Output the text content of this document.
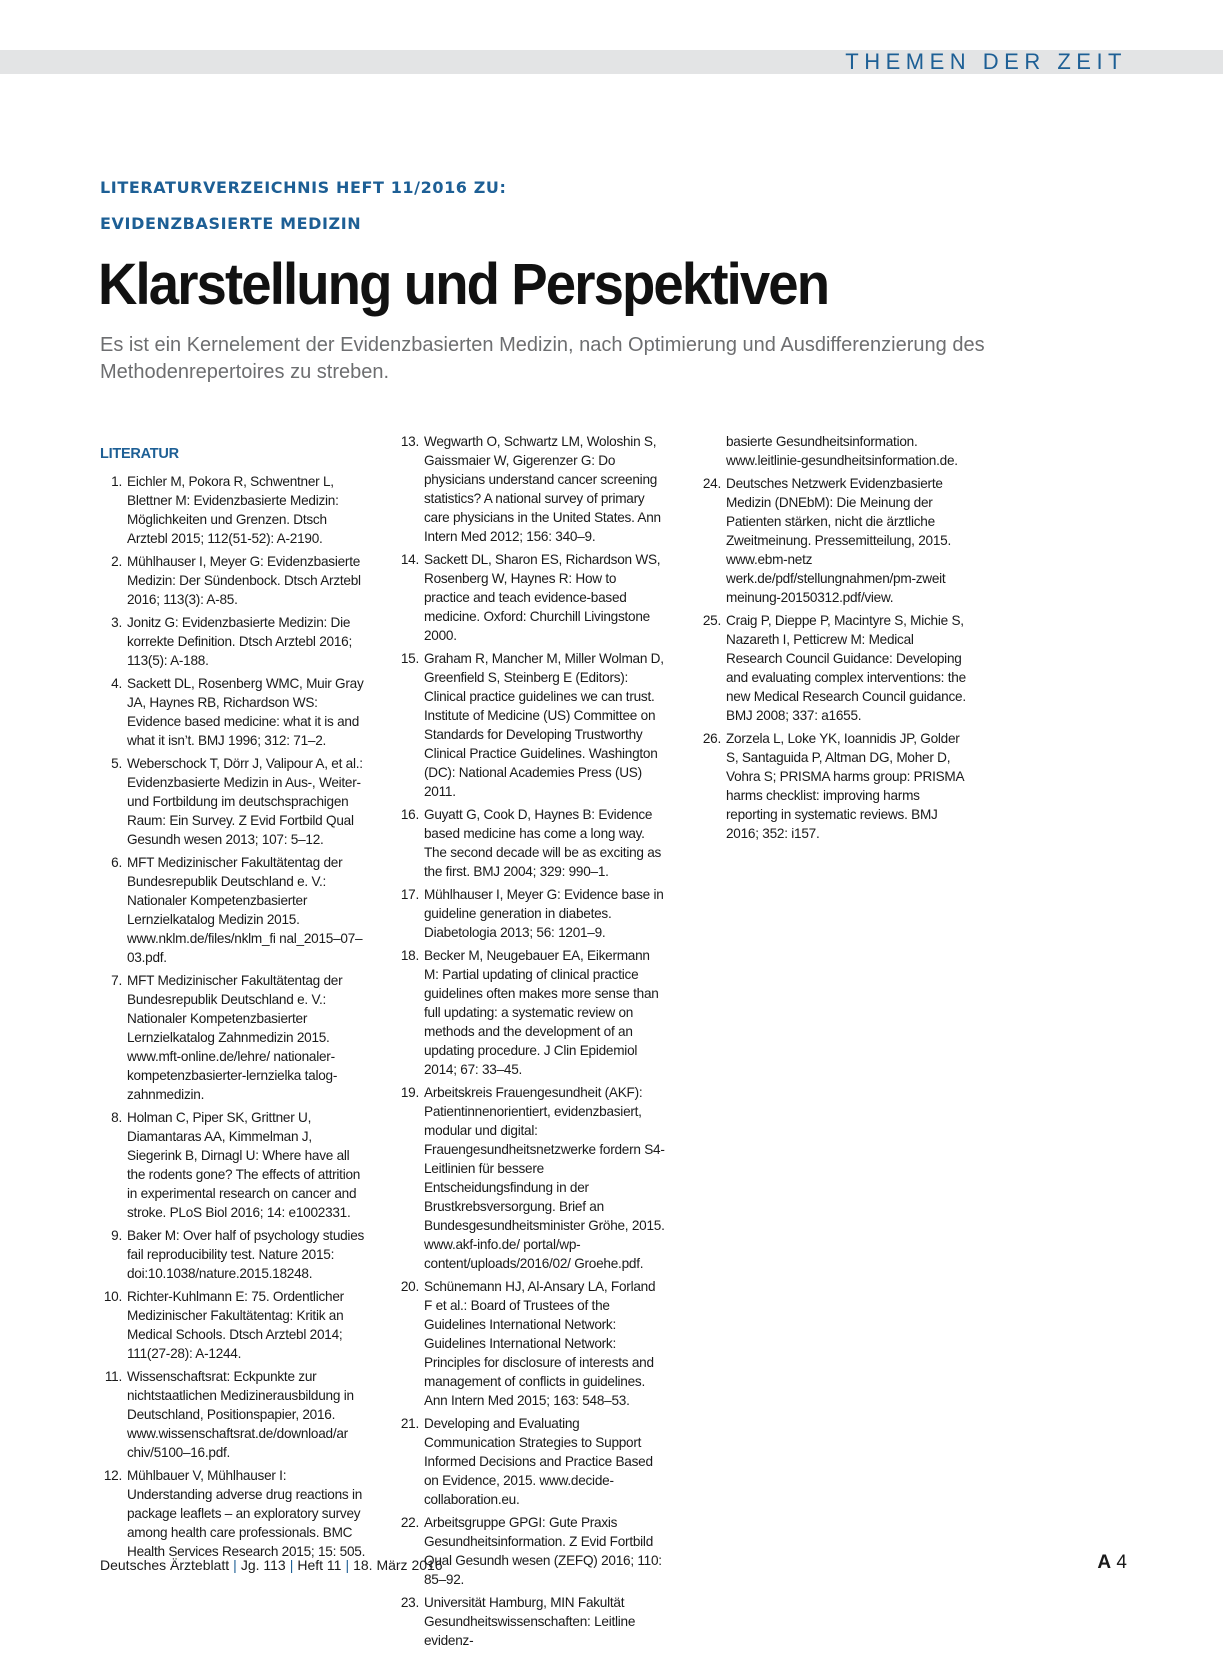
THEMEN DER ZEIT
LITERATURVERZEICHNIS HEFT 11/2016 ZU:
EVIDENZBASIERTE MEDIZIN
Klarstellung und Perspektiven

Es ist ein Kernelement der Evidenzbasierten Medizin, nach Optimierung und Ausdifferenzierung des Methodenrepertoires zu streben.

LITERATUR
1. Eichler M, Pokora R, Schwentner L, Blettner M: Evidenzbasierte Medizin: Möglichkeiten und Grenzen. Dtsch Arztebl 2015; 112(51-52): A-2190.
2. Mühlhauser I, Meyer G: Evidenzbasierte Medizin: Der Sündenbock. Dtsch Arztebl 2016; 113(3): A-85.
3. Jonitz G: Evidenzbasierte Medizin: Die korrekte Definition. Dtsch Arztebl 2016; 113(5): A-188.
4. Sackett DL, Rosenberg WMC, Muir Gray JA, Haynes RB, Richardson WS: Evidence based medicine: what it is and what it isn’t. BMJ 1996; 312: 71–2.
5. Weberschock T, Dörr J, Valipour A, et al.: Evidenzbasierte Medizin in Aus-, Weiter- und Fortbildung im deutschsprachigen Raum: Ein Survey. Z Evid Fortbild Qual Gesundh wesen 2013; 107: 5–12.
6. MFT Medizinischer Fakultätentag der Bundesrepublik Deutschland e. V.: Nationaler Kompetenzbasierter Lernzielkatalog Medizin 2015. www.nklm.de/files/nklm_fi nal_2015–07–03.pdf.
7. MFT Medizinischer Fakultätentag der Bundesrepublik Deutschland e. V.: Nationaler Kompetenzbasierter Lernzielkatalog Zahnmedizin 2015. www.mft-online.de/lehre/ nationaler-kompetenzbasierter-lernzielka talog-zahnmedizin.
8. Holman C, Piper SK, Grittner U, Diamantaras AA, Kimmelman J, Siegerink B, Dirnagl U: Where have all the rodents gone? The effects of attrition in experimental research on cancer and stroke. PLoS Biol 2016; 14: e1002331.
9. Baker M: Over half of psychology studies fail reproducibility test. Nature 2015: doi:10.1038/nature.2015.18248.
10. Richter-Kuhlmann E: 75. Ordentlicher Medizinischer Fakultätentag: Kritik an Medical Schools. Dtsch Arztebl 2014; 111(27-28): A-1244.
11. Wissenschaftsrat: Eckpunkte zur nichtstaatlichen Medizinerausbildung in Deutschland, Positionspapier, 2016. www.wissenschaftsrat.de/download/ar chiv/5100–16.pdf.
12. Mühlbauer V, Mühlhauser I: Understanding adverse drug reactions in package leaflets – an exploratory survey among health care professionals. BMC Health Services Research 2015; 15: 505.
13. Wegwarth O, Schwartz LM, Woloshin S, Gaissmaier W, Gigerenzer G: Do physicians understand cancer screening statistics? A national survey of primary care physicians in the United States. Ann Intern Med 2012; 156: 340–9.
14. Sackett DL, Sharon ES, Richardson WS, Rosenberg W, Haynes R: How to practice and teach evidence-based medicine. Oxford: Churchill Livingstone 2000.
15. Graham R, Mancher M, Miller Wolman D, Greenfield S, Steinberg E (Editors): Clinical practice guidelines we can trust. Institute of Medicine (US) Committee on Standards for Developing Trustworthy Clinical Practice Guidelines. Washington (DC): National Academies Press (US) 2011.
16. Guyatt G, Cook D, Haynes B: Evidence based medicine has come a long way. The second decade will be as exciting as the first. BMJ 2004; 329: 990–1.
17. Mühlhauser I, Meyer G: Evidence base in guideline generation in diabetes. Diabetologia 2013; 56: 1201–9.
18. Becker M, Neugebauer EA, Eikermann M: Partial updating of clinical practice guidelines often makes more sense than full updating: a systematic review on methods and the development of an updating procedure. J Clin Epidemiol 2014; 67: 33–45.
19. Arbeitskreis Frauengesundheit (AKF): Patientinnenorientiert, evidenzbasiert, modular und digital: Frauengesundheitsnetzwerke fordern S4-Leitlinien für bessere Entscheidungsfindung in der Brustkrebsversorgung. Brief an Bundesgesundheitsminister Gröhe, 2015. www.akf-info.de/ portal/wp-content/uploads/2016/02/ Groehe.pdf.
20. Schünemann HJ, Al-Ansary LA, Forland F et al.: Board of Trustees of the Guidelines International Network: Guidelines International Network: Principles for disclosure of interests and management of conflicts in guidelines. Ann Intern Med 2015; 163: 548–53.
21. Developing and Evaluating Communication Strategies to Support Informed Decisions and Practice Based on Evidence, 2015. www.decide-collaboration.eu.
22. Arbeitsgruppe GPGI: Gute Praxis Gesundheitsinformation. Z Evid Fortbild Qual Gesundh wesen (ZEFQ) 2016; 110: 85–92.
23. Universität Hamburg, MIN Fakultät Gesundheitswissenschaften: Leitline evidenz-
basierte Gesundheitsinformation. www.leitlinie-gesundheitsinformation.de.
24. Deutsches Netzwerk Evidenzbasierte Medizin (DNEbM): Die Meinung der Patienten stärken, nicht die ärztliche Zweitmeinung. Pressemitteilung, 2015. www.ebm-netz werk.de/pdf/stellungnahmen/pm-zweit meinung-20150312.pdf/view.
25. Craig P, Dieppe P, Macintyre S, Michie S, Nazareth I, Petticrew M: Medical Research Council Guidance: Developing and evaluating complex interventions: the new Medical Research Council guidance. BMJ 2008; 337: a1655.
26. Zorzela L, Loke YK, Ioannidis JP, Golder S, Santaguida P, Altman DG, Moher D, Vohra S; PRISMA harms group: PRISMA harms checklist: improving harms reporting in systematic reviews. BMJ 2016; 352: i157.
Deutsches Ärzteblatt | Jg. 113 | Heft 11 | 18. März 2016	A 4
